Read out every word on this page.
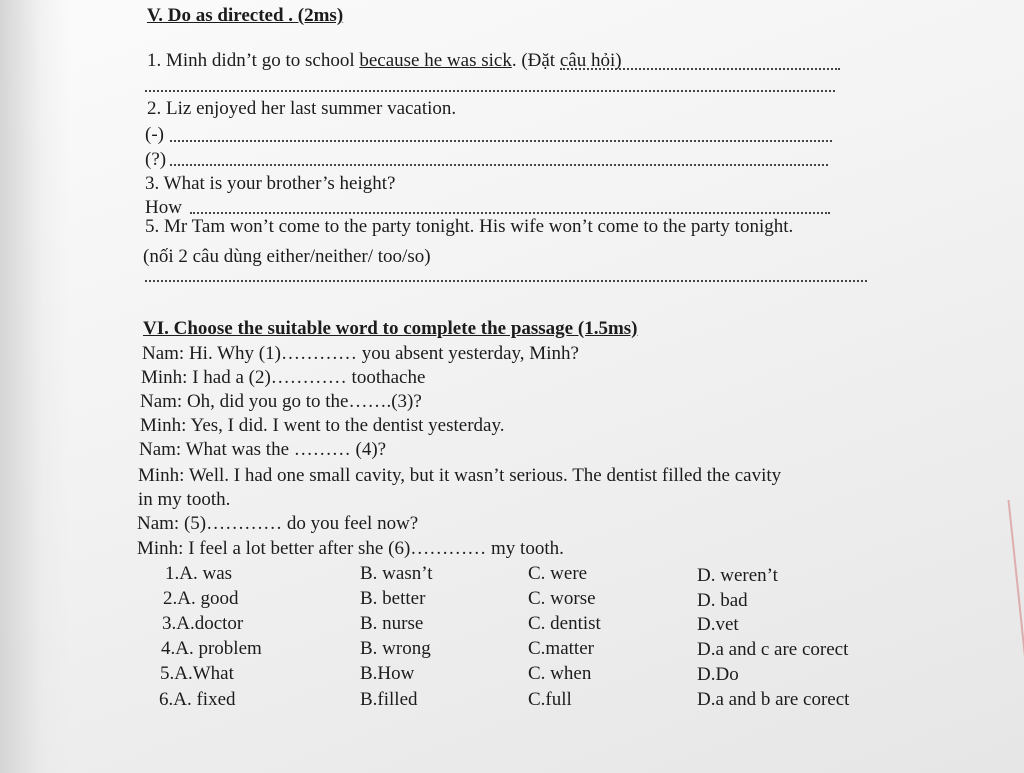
V. Do as directed . (2ms)
1. Minh didn’t go to school because he was sick. (Đặt câu hỏi)
2. Liz enjoyed her last summer vacation.
(-)
(?)
3. What is your brother’s height?
How
5. Mr Tam won’t come to the party tonight. His wife won’t come to the party tonight.
(nối 2 câu dùng either/neither/ too/so)
VI. Choose the suitable word to complete the passage (1.5ms)
Nam: Hi. Why (1)………… you absent yesterday, Minh?
Minh: I had a (2)………… toothache
Nam: Oh, did you go to the…….(3)?
Minh: Yes, I did. I went to the dentist yesterday.
Nam: What was the ……… (4)?
Minh: Well. I had one small cavity, but it wasn’t serious. The dentist filled the cavity
in my tooth.
Nam: (5)………… do you feel now?
Minh: I feel a lot better after she (6)………… my tooth.
1.A. was	B. wasn’t	C. were	D. weren’t
2.A. good	B. better	C. worse	D. bad
3.A.doctor	B. nurse	C. dentist	D.vet
4.A. problem	B. wrong	C.matter	D.a and c are corect
5.A.What	B.How	C. when	D.Do
6.A. fixed	B.filled	C.full	D.a and b are corect
